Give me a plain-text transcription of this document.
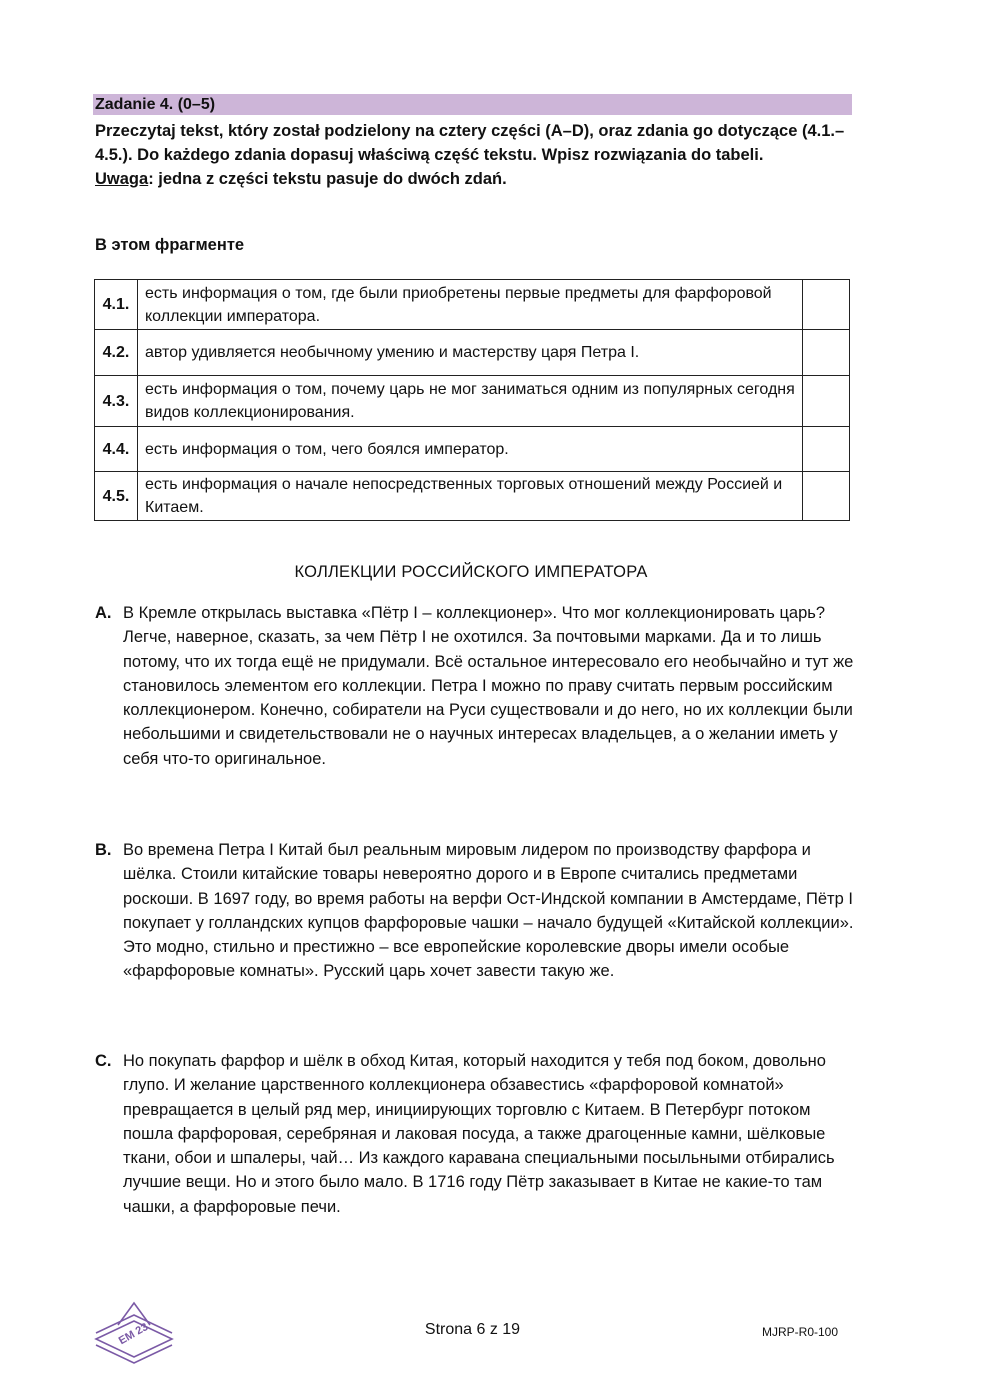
Zadanie 4. (0–5)
Przeczytaj tekst, który został podzielony na cztery części (A–D), oraz zdania go dotyczące (4.1.–4.5.). Do każdego zdania dopasuj właściwą część tekstu. Wpisz rozwiązania do tabeli.
Uwaga: jedna z części tekstu pasuje do dwóch zdań.
В этом фрагменте
4.1.	есть информация о том, где были приобретены первые предметы для фарфоровой коллекции императора.	
4.2.	автор удивляется необычному умению и мастерству царя Петра I.	
4.3.	есть информация о том, почему царь не мог заниматься одним из популярных сегодня видов коллекционирования.	
4.4.	есть информация о том, чего боялся император.	
4.5.	есть информация о начале непосредственных торговых отношений между Россией и Китаем.	
КОЛЛЕКЦИИ РОССИЙСКОГО ИМПЕРАТОРА
A. В Кремле открылась выставка «Пётр I – коллекционер». Что мог коллекционировать царь? Легче, наверное, сказать, за чем Пётр I не охотился. За почтовыми марками. Да и то лишь потому, что их тогда ещё не придумали. Всё остальное интересовало его необычайно и тут же становилось элементом его коллекции. Петра I можно по праву считать первым российским коллекционером. Конечно, собиратели на Руси существовали и до него, но их коллекции были небольшими и свидетельствовали не о научных интересах владельцев, а о желании иметь у себя что-то оригинальное.
B. Во времена Петра I Китай был реальным мировым лидером по производству фарфора и шёлка. Стоили китайские товары невероятно дорого и в Европе считались предметами роскоши. В 1697 году, во время работы на верфи Ост-Индской компании в Амстердаме, Пётр I покупает у голландских купцов фарфоровые чашки – начало будущей «Китайской коллекции». Это модно, стильно и престижно – все европейские королевские дворы имели особые «фарфоровые комнаты». Русский царь хочет завести такую же.
C. Но покупать фарфор и шёлк в обход Китая, который находится у тебя под боком, довольно глупо. И желание царственного коллекционера обзавестись «фарфоровой комнатой» превращается в целый ряд мер, инициирующих торговлю с Китаем. В Петербург потоком пошла фарфоровая, серебряная и лаковая посуда, а также драгоценные камни, шёлковые ткани, обои и шпалеры, чай… Из каждого каравана специальными посыльными отбирались лучшие вещи. Но и этого было мало. В 1716 году Пётр заказывает в Китае не какие-то там чашки, а фарфоровые печи.
EM 23	Strona 6 z 19	MJRP-R0-100
